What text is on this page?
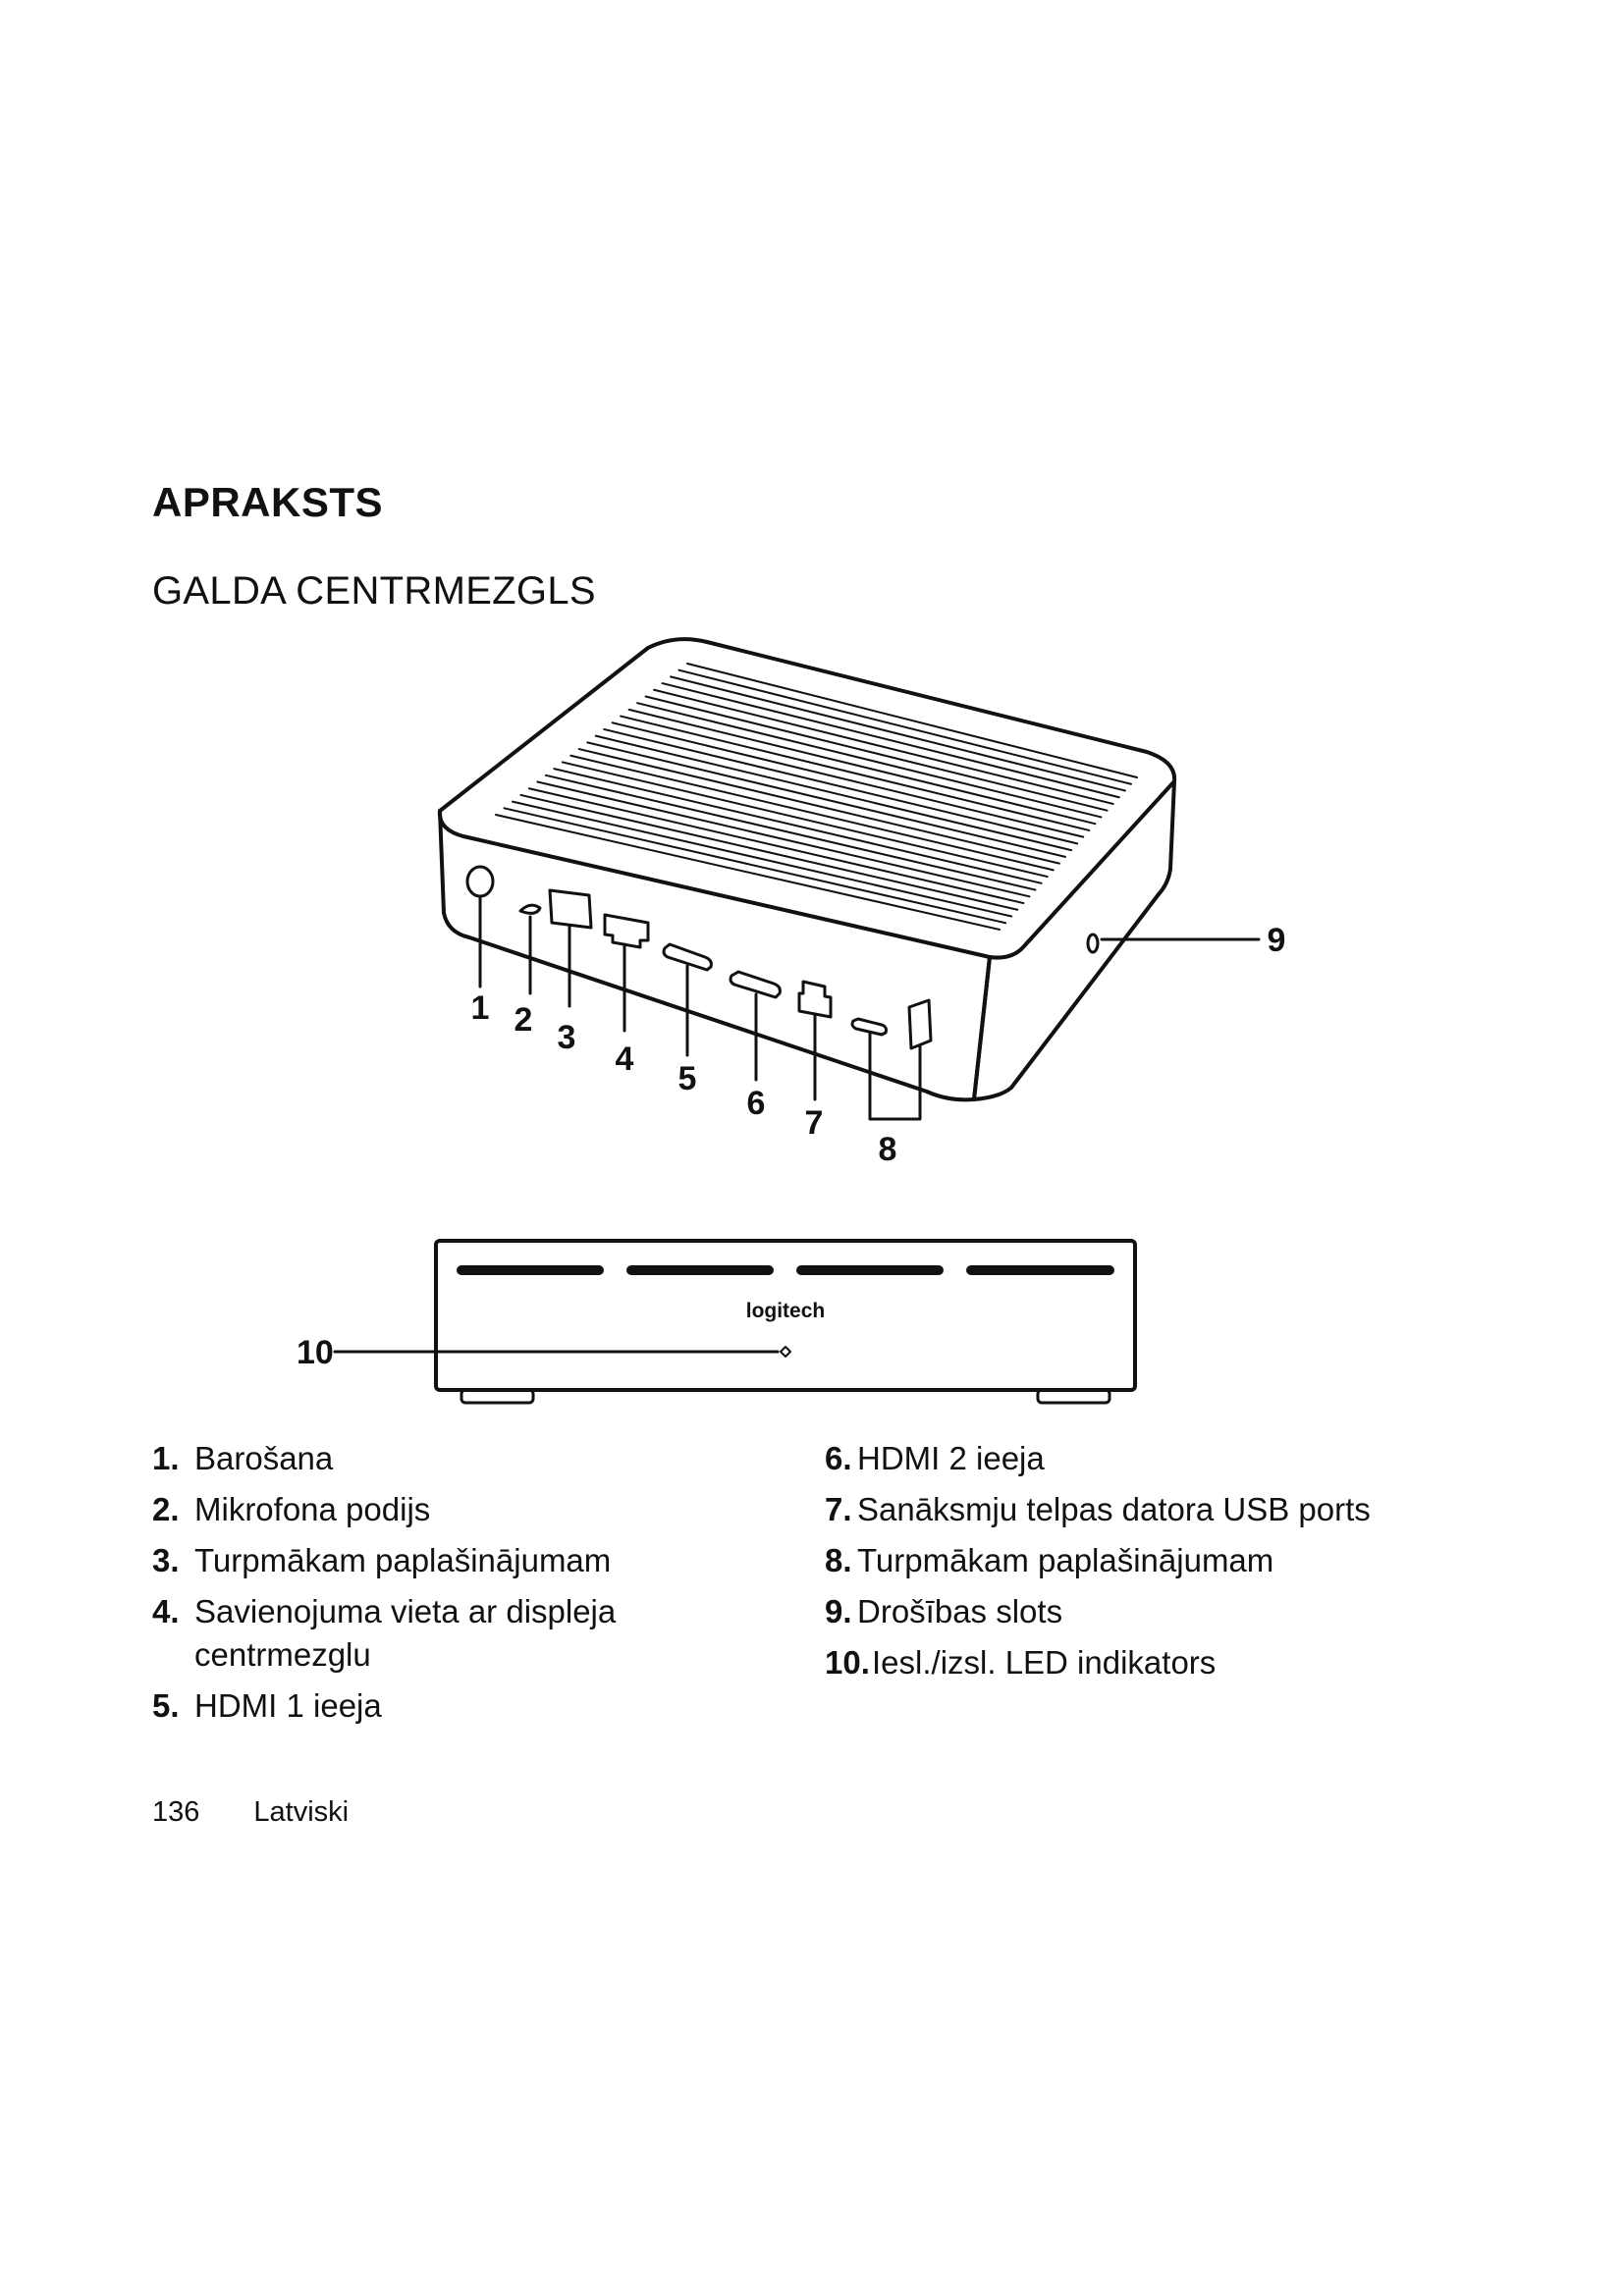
APRAKSTS
GALDA CENTRMEZGLS
1 2 3
4
5
6
7
8
9
logitech
10
1. Barošana
2. Mikrofona podijs
3. Turpmākam paplašinājumam
4. Savienojuma vieta ar displeja centrmezglu
5. HDMI 1 ieeja
6. HDMI 2 ieeja
7. Sanāksmju telpas datora USB ports
8. Turpmākam paplašinājumam
9. Drošības slots
10. Iesl./izsl. LED indikators
136 Latviski
